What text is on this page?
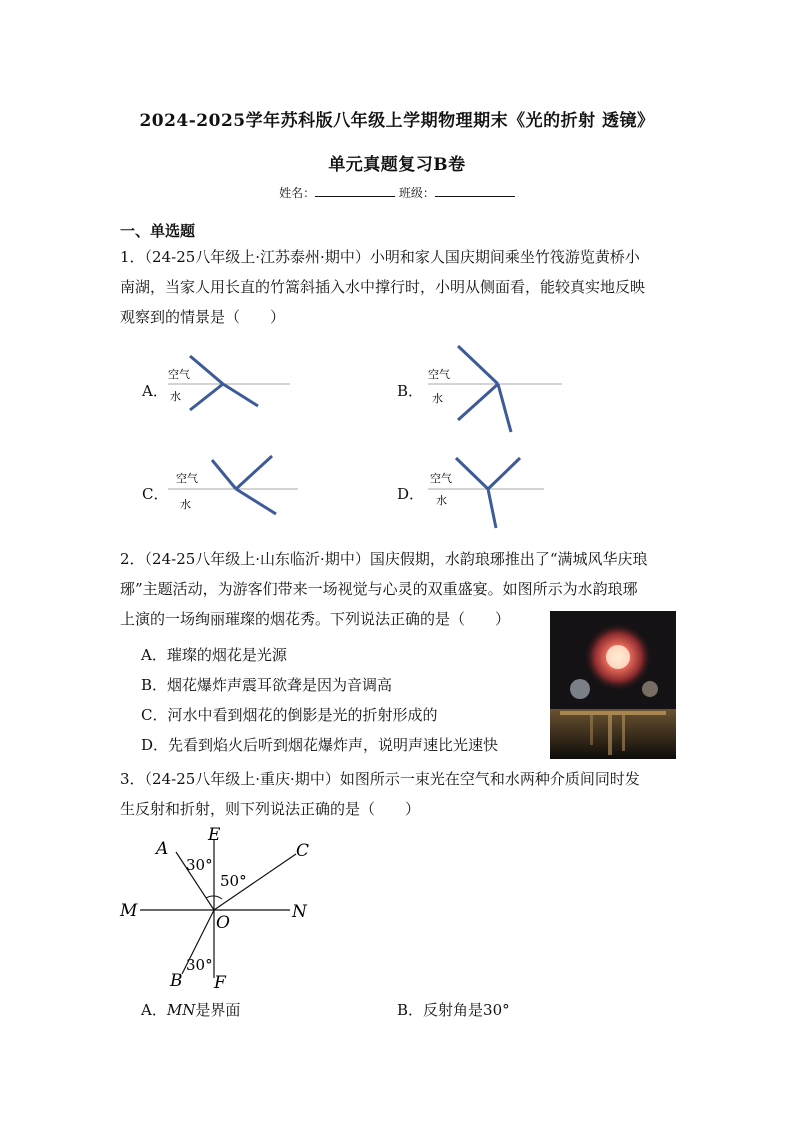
2024-2025学年苏科版八年级上学期物理期末《光的折射 透镜》
单元真题复习B卷
姓名：	班级：
一、单选题
1．（24-25八年级上·江苏泰州·期中）小明和家人国庆期间乘坐竹筏游览黄桥小
南湖，当家人用长直的竹篙斜插入水中撑行时，小明从侧面看，能较真实地反映
观察到的情景是（　　）
A．
空气
水	B．
空气
水
C．
空气
水
D．
空气
水
2．（24-25八年级上·山东临沂·期中）国庆假期，水韵琅琊推出了“满城风华庆琅
琊”主题活动，为游客们带来一场视觉与心灵的双重盛宴。如图所示为水韵琅琊
上演的一场绚丽璀璨的烟花秀。下列说法正确的是（　　）
A．璀璨的烟花是光源
B．烟花爆炸声震耳欲聋是因为音调高
C．河水中看到烟花的倒影是光的折射形成的
D．先看到焰火后听到烟花爆炸声，说明声速比光速快
3．（24-25八年级上·重庆·期中）如图所示一束光在空气和水两种介质间同时发
生反射和折射，则下列说法正确的是（　　）
E
A	C
M	N
O
B F
30°
50°
30°
A．MN是界面	B．反射角是30°
